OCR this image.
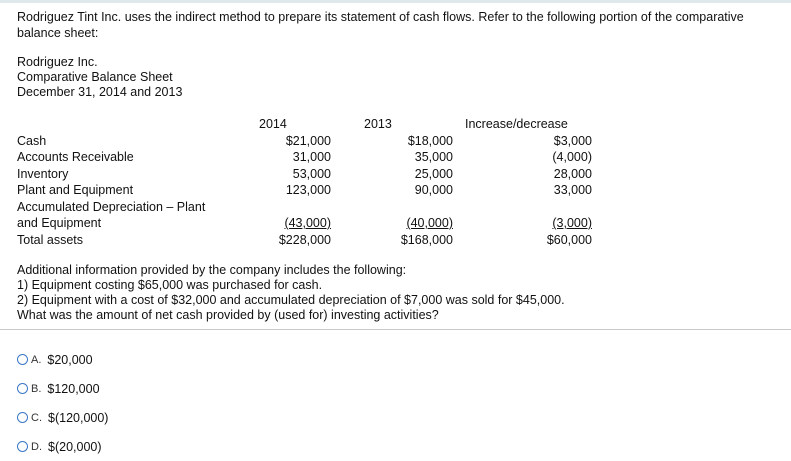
Rodriguez Tint Inc. uses the indirect method to prepare its statement of cash flows. Refer to the following portion of the comparative balance sheet:
Rodriguez Inc.
Comparative Balance Sheet
December 31, 2014 and 2013
	2014	2013	Increase/decrease
Cash	$21,000	$18,000	$3,000
Accounts Receivable	31,000	35,000	(4,000)
Inventory	53,000	25,000	28,000
Plant and Equipment	123,000	90,000	33,000
Accumulated Depreciation – Plant			
and Equipment	(43,000)	(40,000)	(3,000)
Total assets	$228,000	$168,000	$60,000
Additional information provided by the company includes the following:
1) Equipment costing $65,000 was purchased for cash.
2) Equipment with a cost of $32,000 and accumulated depreciation of $7,000 was sold for $45,000.
What was the amount of net cash provided by (used for) investing activities?
A. $20,000
B. $120,000
C. $(120,000)
D. $(20,000)
